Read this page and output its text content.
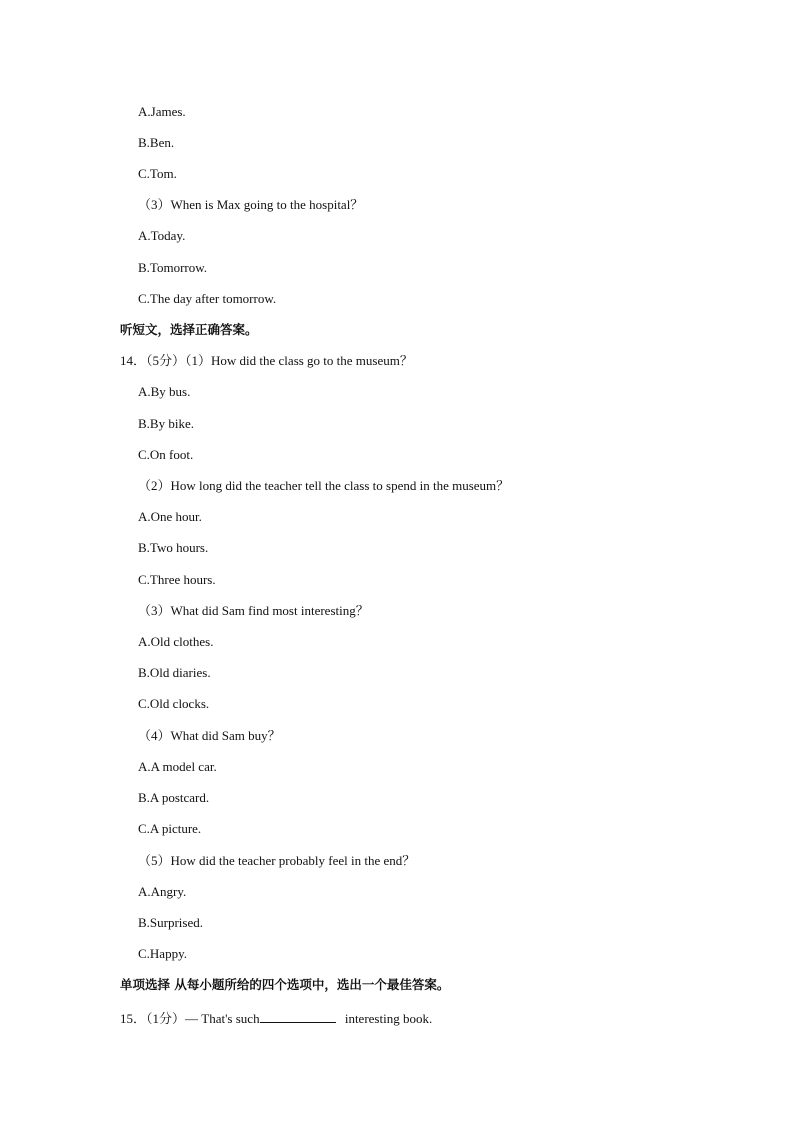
A.James.
B.Ben.
C.Tom.
（3）When is Max going to the hospital？
A.Today.
B.Tomorrow.
C.The day after tomorrow.
听短文，选择正确答案。
14．（5分）（1）How did the class go to the museum？
A.By bus.
B.By bike.
C.On foot.
（2）How long did the teacher tell the class to spend in the museum？
A.One hour.
B.Two hours.
C.Three hours.
（3）What did Sam find most interesting？
A.Old clothes.
B.Old diaries.
C.Old clocks.
（4）What did Sam buy？
A.A model car.
B.A postcard.
C.A picture.
（5）How did the teacher probably feel in the end？
A.Angry.
B.Surprised.
C.Happy.
单项选择 从每小题所给的四个选项中，选出一个最佳答案。
15．（1分）— That's such	interesting book.
